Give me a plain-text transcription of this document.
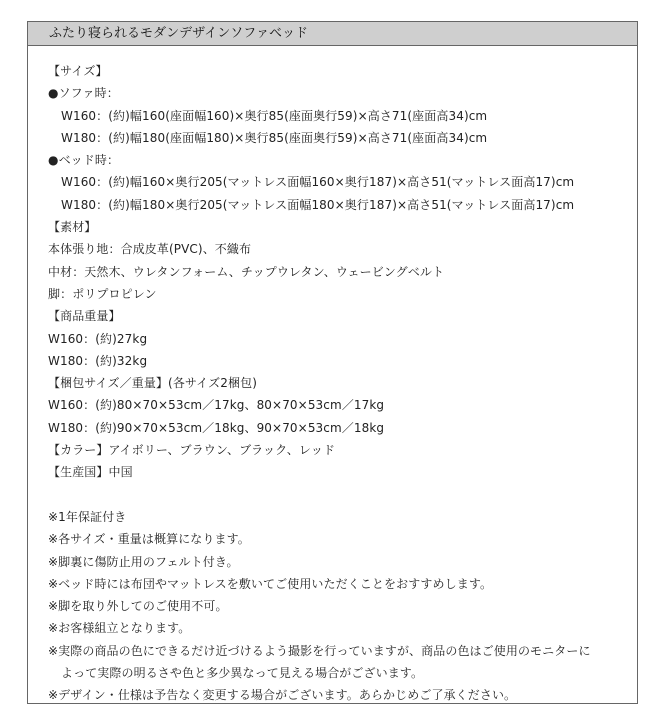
ふたり寝られるモダンデザインソファベッド
【サイズ】
●ソファ時：
W160：(約)幅160(座面幅160)×奥行85(座面奥行59)×高さ71(座面高34)cm
W180：(約)幅180(座面幅180)×奥行85(座面奥行59)×高さ71(座面高34)cm
●ベッド時：
W160：(約)幅160×奥行205(マットレス面幅160×奥行187)×高さ51(マットレス面高17)cm
W180：(約)幅180×奥行205(マットレス面幅180×奥行187)×高さ51(マットレス面高17)cm
【素材】
本体張り地：合成皮革(PVC)、不織布
中材：天然木、ウレタンフォーム、チップウレタン、ウェービングベルト
脚：ポリプロピレン
【商品重量】
W160：(約)27kg
W180：(約)32kg
【梱包サイズ／重量】(各サイズ2梱包)
W160：(約)80×70×53cm／17kg、80×70×53cm／17kg
W180：(約)90×70×53cm／18kg、90×70×53cm／18kg
【カラー】アイボリー、ブラウン、ブラック、レッド
【生産国】中国
※1年保証付き
※各サイズ・重量は概算になります。
※脚裏に傷防止用のフェルト付き。
※ベッド時には布団やマットレスを敷いてご使用いただくことをおすすめします。
※脚を取り外してのご使用不可。
※お客様組立となります。
※実際の商品の色にできるだけ近づけるよう撮影を行っていますが、商品の色はご使用のモニターに
よって実際の明るさや色と多少異なって見える場合がございます。
※デザイン・仕様は予告なく変更する場合がございます。あらかじめご了承ください。
